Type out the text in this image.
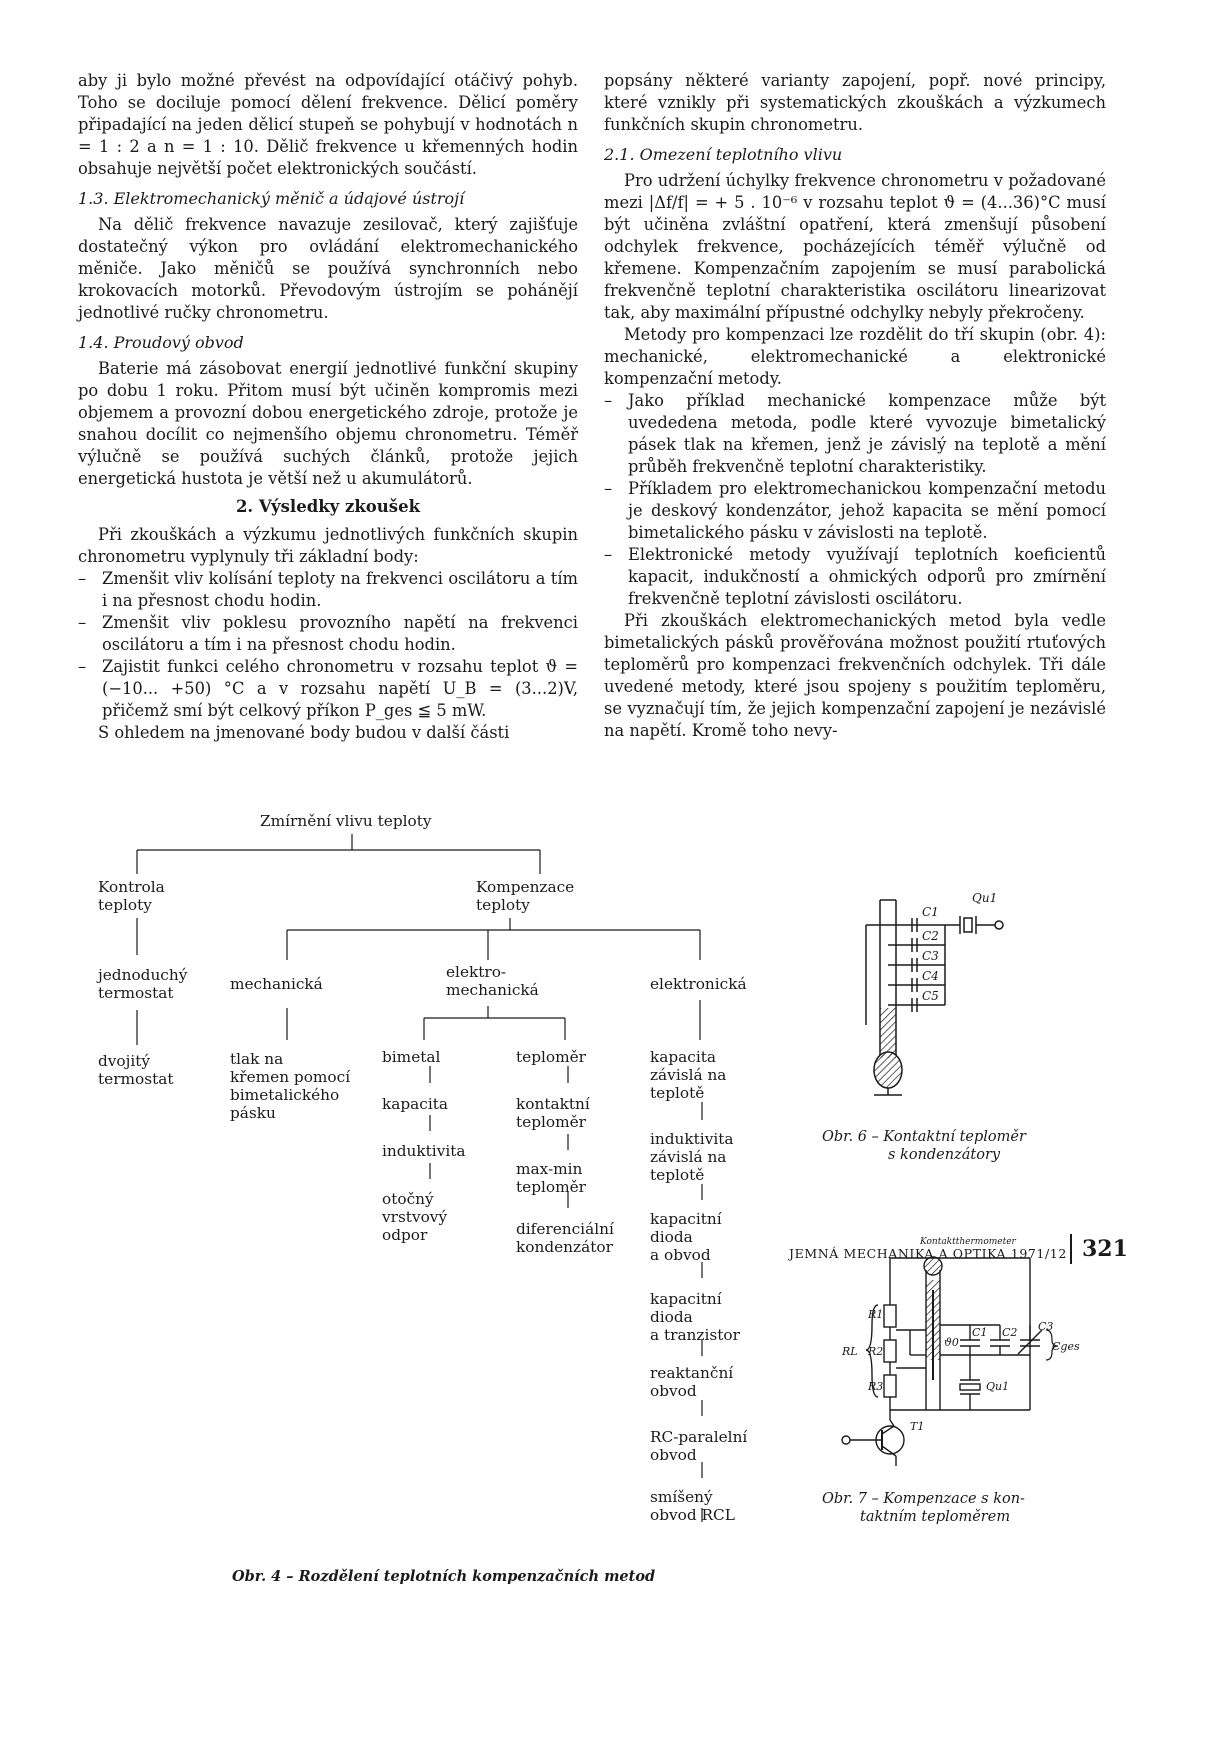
aby ji bylo možné převést na odpovídající otáčivý pohyb. Toho se dociluje pomocí dělení frekvence. Dělicí poměry připadající na jeden dělicí stupeň se pohybují v hodnotách n = 1 : 2 a n = 1 : 10. Dělič frekvence u křemenných hodin obsahuje největší počet elektronických součástí.

1.3. Elektromechanický měnič a údajové ústrojí

Na dělič frekvence navazuje zesilovač, který zajišťuje dostatečný výkon pro ovládání elektromechanického měniče. Jako měničů se používá synchronních nebo krokovacích motorků. Převodovým ústrojím se pohánějí jednotlivé ručky chronometru.

1.4. Proudový obvod

Baterie má zásobovat energií jednotlivé funkční skupiny po dobu 1 roku. Přitom musí být učiněn kompromis mezi objemem a provozní dobou energetického zdroje, protože je snahou docílit co nejmenšího objemu chronometru. Téměř výlučně se používá suchých článků, protože jejich energetická hustota je větší než u akumulátorů.

2. Výsledky zkoušek

Při zkouškách a výzkumu jednotlivých funkčních skupin chronometru vyplynuly tři základní body:

– Zmenšit vliv kolísání teploty na frekvenci oscilátoru a tím i na přesnost chodu hodin.

– Zmenšit vliv poklesu provozního napětí na frekvenci oscilátoru a tím i na přesnost chodu hodin.

– Zajistit funkci celého chronometru v rozsahu teplot ϑ = (−10... +50) °C a v rozsahu napětí U_B = (3...2)V, přičemž smí být celkový příkon P_ges ≦ 5 mW.

S ohledem na jmenované body budou v další části

popsány některé varianty zapojení, popř. nové principy, které vznikly při systematických zkouškách a výzkumech funkčních skupin chronometru.

2.1. Omezení teplotního vlivu

Pro udržení úchylky frekvence chronometru v požadované mezi |Δf/f| = + 5 . 10⁻⁶ v rozsahu teplot ϑ = (4...36)°C musí být učiněna zvláštní opatření, která zmenšují působení odchylek frekvence, pocházejících téměř výlučně od křemene. Kompenzačním zapojením se musí parabolická frekvenčně teplotní charakteristika oscilátoru linearizovat tak, aby maximální přípustné odchylky nebyly překročeny.

Metody pro kompenzaci lze rozdělit do tří skupin (obr. 4): mechanické, elektromechanické a elektronické kompenzační metody.

– Jako příklad mechanické kompenzace může být uvededena metoda, podle které vyvozuje bimetalický pásek tlak na křemen, jenž je závislý na teplotě a mění průběh frekvenčně teplotní charakteristiky.

– Příkladem pro elektromechanickou kompenzační metodu je deskový kondenzátor, jehož kapacita se mění pomocí bimetalického pásku v závislosti na teplotě.

– Elektronické metody využívají teplotních koeficientů kapacit, indukčností a ohmických odporů pro zmírnění frekvenčně teplotní závislosti oscilátoru.

Při zkouškách elektromechanických metod byla vedle bimetalických pásků prověřována možnost použití rtuťových teploměrů pro kompenzaci frekvenčních odchylek. Tři dále uvedené metody, které jsou spojeny s použitím teploměru, se vyznačují tím, že jejich kompenzační zapojení je nezávislé na napětí. Kromě toho nevy-

Zmírnění vlivu teploty
Kontrola
teploty
Kompenzace
teploty
jednoduchý
termostat
dvojitý
termostat
mechanická
elektro-
mechanická	elektronická
tlak na
křemen pomocí
bimetalického
pásku
bimetal
kapacita
induktivita
otočný
vrstvový
odpor
teploměr
kontaktní
teploměr
max-min
teploměr
diferenciální
kondenzátor
kapacita
závislá na
teplotě
induktivita
závislá na
teplotě
kapacitní
dioda
a obvod
kapacitní
dioda
a tranzistor
reaktanční
obvod
RC-paralelní
obvod
smíšený
obvod RCL
Obr. 4 – Rozdělení teplotních kompenzačních metod
C1
C2
C3
C4
C5
Qu1
Obr. 6 – Kontaktní teploměr
s kondenzátory
Kontaktthermometer
R1
R2
R3
RL
ϑ0
C1 C2 C3
Cges
Qu1
T1
Obr. 7 – Kompenzace s kon-
taktním teploměrem
JEMNÁ MECHANIKA A OPTIKA 1971/12 321
